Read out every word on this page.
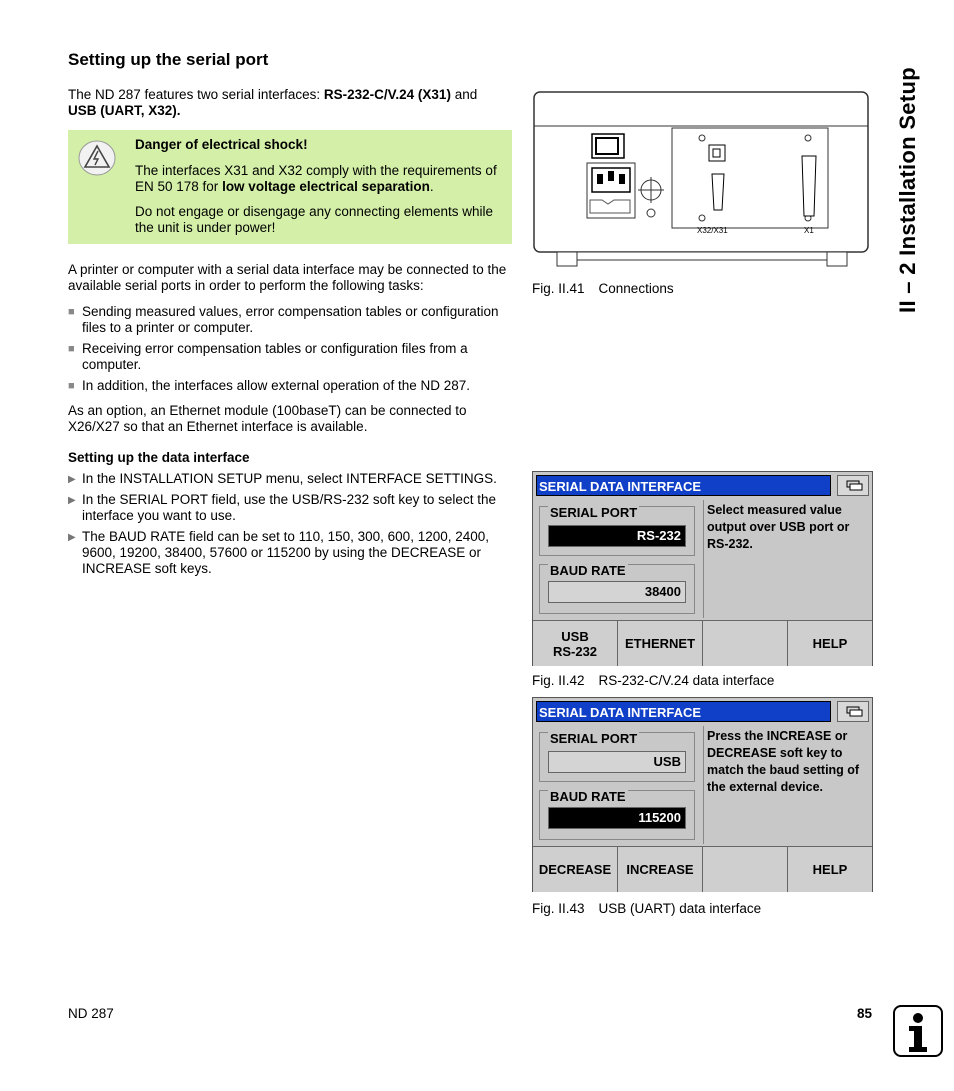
Setting up the serial port
The ND 287 features two serial interfaces: RS-232-C/V.24 (X31) and
USB (UART, X32).
Danger of electrical shock!
The interfaces X31 and X32 comply with the requirements of EN 50 178 for low voltage electrical separation.
Do not engage or disengage any connecting elements while the unit is under power!
A printer or computer with a serial data interface may be connected to the available serial ports in order to perform the following tasks:
■ Sending measured values, error compensation tables or configuration files to a printer or computer.
■ Receiving error compensation tables or configuration files from a computer.
■ In addition, the interfaces allow external operation of the ND 287.
As an option, an Ethernet module (100baseT) can be connected to X26/X27 so that an Ethernet interface is available.
Setting up the data interface
▶ In the INSTALLATION SETUP menu, select INTERFACE SETTINGS.
▶ In the SERIAL PORT field, use the USB/RS-232 soft key to select the interface you want to use.
▶ The BAUD RATE field can be set to 110, 150, 300, 600, 1200, 2400, 9600, 19200, 38400, 57600 or 115200 by using the DECREASE or INCREASE soft keys.
II – 2 Installation Setup
X32/X31	X1
Fig. II.41 Connections
SERIAL DATA INTERFACE
SERIAL PORT
RS-232
BAUD RATE
38400
Select measured value output over USB port or RS-232.
USB
RS-232	ETHERNET	HELP
Fig. II.42 RS-232-C/V.24 data interface
SERIAL DATA INTERFACE
SERIAL PORT
USB
BAUD RATE
115200
Press the INCREASE or DECREASE soft key to match the baud setting of the external device.
DECREASE	INCREASE	HELP
Fig. II.43 USB (UART) data interface
ND 287	85
